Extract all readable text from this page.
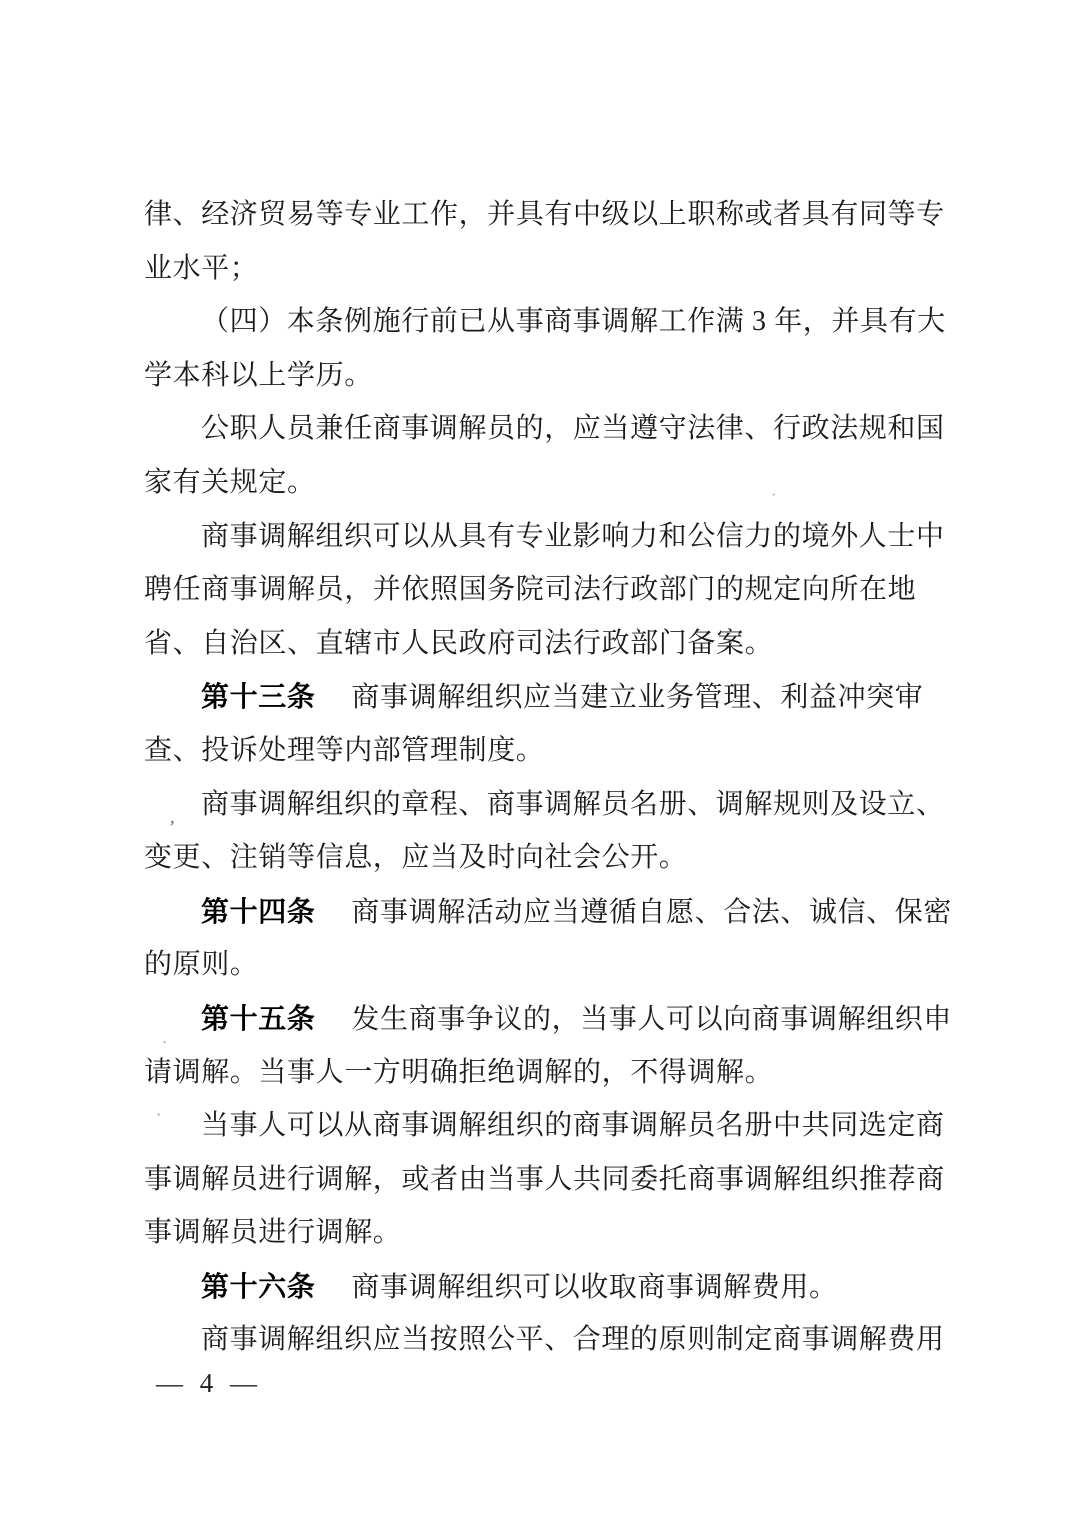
律、经济贸易等专业工作，并具有中级以上职称或者具有同等专
业水平；
（四）本条例施行前已从事商事调解工作满 3 年，并具有大
学本科以上学历。
公职人员兼任商事调解员的，应当遵守法律、行政法规和国
家有关规定。
商事调解组织可以从具有专业影响力和公信力的境外人士中
聘任商事调解员，并依照国务院司法行政部门的规定向所在地
省、自治区、直辖市人民政府司法行政部门备案。
第十三条 商事调解组织应当建立业务管理、利益冲突审
查、投诉处理等内部管理制度。
商事调解组织的章程、商事调解员名册、调解规则及设立、
变更、注销等信息，应当及时向社会公开。
第十四条 商事调解活动应当遵循自愿、合法、诚信、保密
的原则。
第十五条 发生商事争议的，当事人可以向商事调解组织申
请调解。当事人一方明确拒绝调解的，不得调解。
当事人可以从商事调解组织的商事调解员名册中共同选定商
事调解员进行调解，或者由当事人共同委托商事调解组织推荐商
事调解员进行调解。
第十六条 商事调解组织可以收取商事调解费用。
商事调解组织应当按照公平、合理的原则制定商事调解费用
— 4 —
’
·
·
·
